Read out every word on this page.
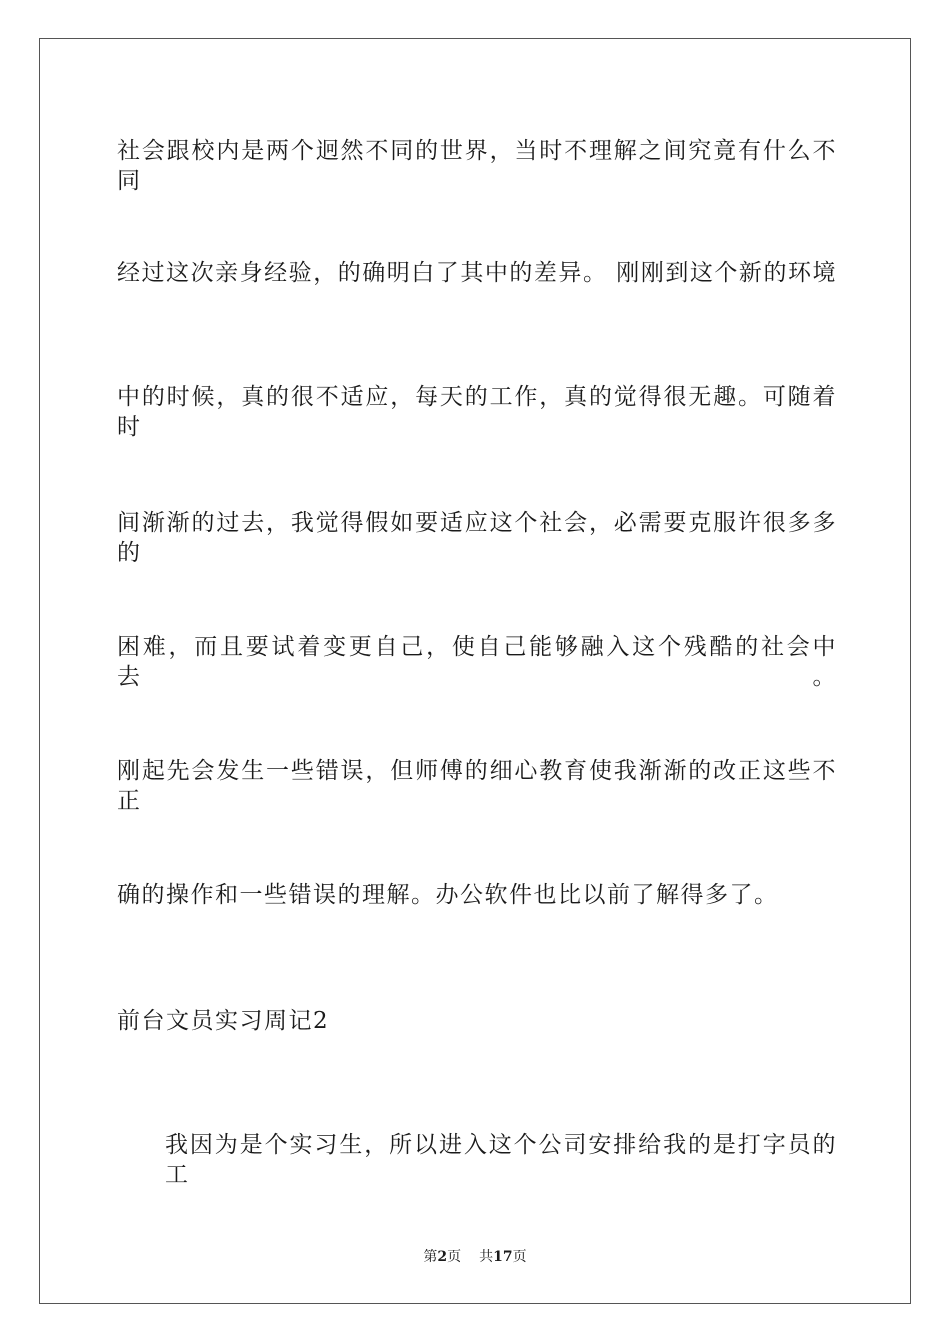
社会跟校内是两个迥然不同的世界，当时不理解之间究竟有什么不同
经过这次亲身经验，的确明白了其中的差异。 刚刚到这个新的环境
中的时候，真的很不适应，每天的工作，真的觉得很无趣。可随着时
间渐渐的过去，我觉得假如要适应这个社会，必需要克服许很多多的
困难，而且要试着变更自己，使自己能够融入这个残酷的社会中去。
刚起先会发生一些错误，但师傅的细心教育使我渐渐的改正这些不正
确的操作和一些错误的理解。办公软件也比以前了解得多了。
前台文员实习周记2
我因为是个实习生，所以进入这个公司安排给我的是打字员的工
第2页 共17页
